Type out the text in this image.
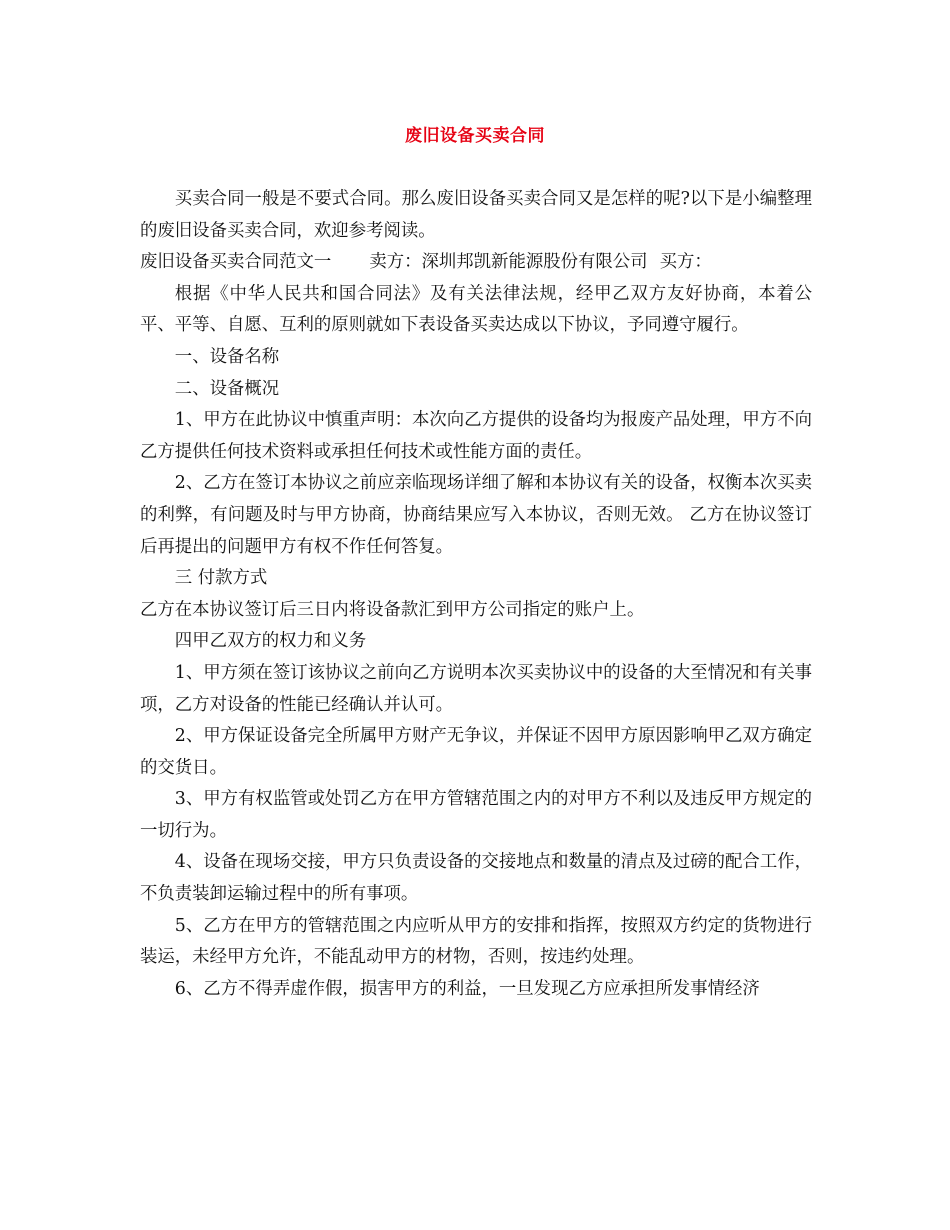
废旧设备买卖合同

买卖合同一般是不要式合同。那么废旧设备买卖合同又是怎样的呢?以下是小编整理的废旧设备买卖合同，欢迎参考阅读。

废旧设备买卖合同范文一 卖方：深圳邦凯新能源股份有限公司 买方：

根据《中华人民共和国合同法》及有关法律法规，经甲乙双方友好协商，本着公平、平等、自愿、互利的原则就如下表设备买卖达成以下协议，予同遵守履行。

一、设备名称

二、设备概况

1、甲方在此协议中慎重声明：本次向乙方提供的设备均为报废产品处理，甲方不向乙方提供任何技术资料或承担任何技术或性能方面的责任。

2、乙方在签订本协议之前应亲临现场详细了解和本协议有关的设备，权衡本次买卖的利弊，有问题及时与甲方协商，协商结果应写入本协议，否则无效。 乙方在协议签订后再提出的问题甲方有权不作任何答复。

三 付款方式

乙方在本协议签订后三日内将设备款汇到甲方公司指定的账户上。

四甲乙双方的权力和义务

1、甲方须在签订该协议之前向乙方说明本次买卖协议中的设备的大至情况和有关事项，乙方对设备的性能已经确认并认可。

2、甲方保证设备完全所属甲方财产无争议，并保证不因甲方原因影响甲乙双方确定的交货日。

3、甲方有权监管或处罚乙方在甲方管辖范围之内的对甲方不利以及违反甲方规定的一切行为。

4、设备在现场交接，甲方只负责设备的交接地点和数量的清点及过磅的配合工作，不负责装卸运输过程中的所有事项。

5、乙方在甲方的管辖范围之内应听从甲方的安排和指挥，按照双方约定的货物进行装运，未经甲方允许，不能乱动甲方的材物，否则，按违约处理。

6、乙方不得弄虚作假，损害甲方的利益，一旦发现乙方应承担所发事情经济
